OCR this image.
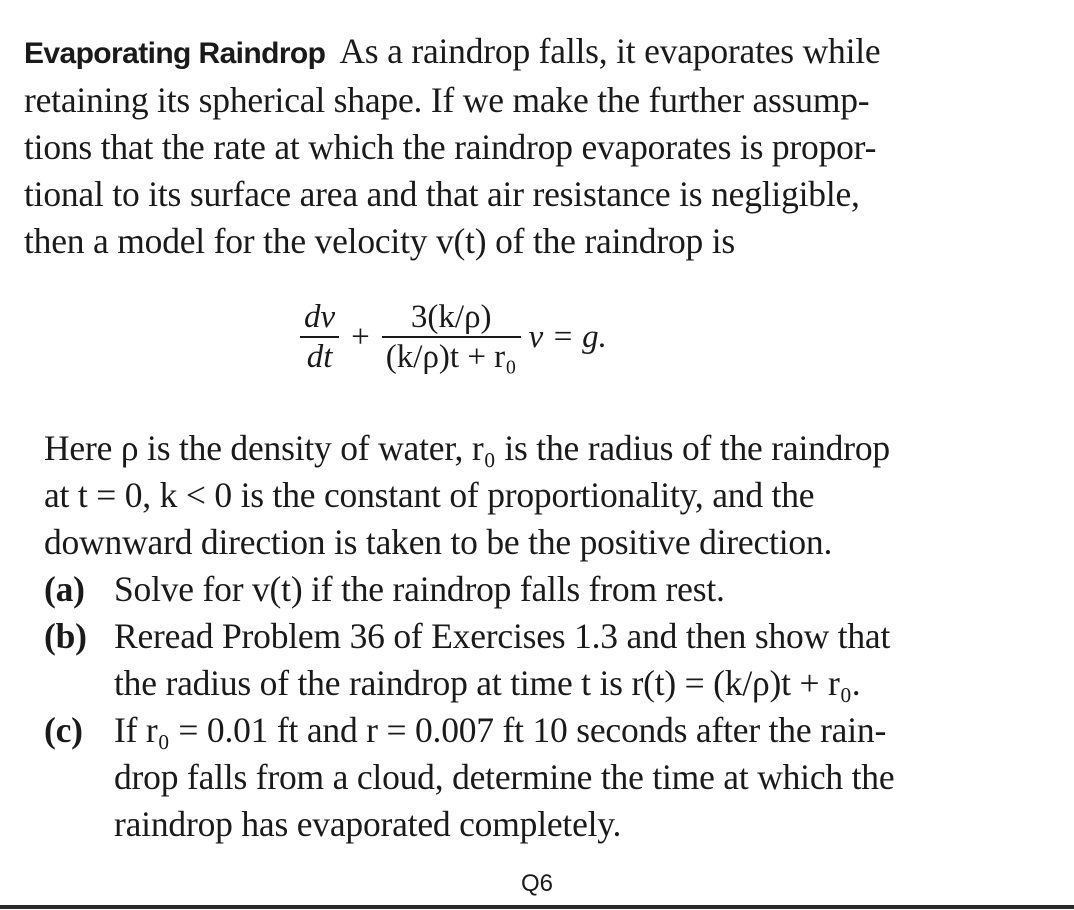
Evaporating Raindrop As a raindrop falls, it evaporates while
retaining its spherical shape. If we make the further assump-
tions that the rate at which the raindrop evaporates is propor-
tional to its surface area and that air resistance is negligible,
then a model for the velocity v(t) of the raindrop is
$\frac{dv}{dt} + \frac{3(k/\rho)}{\text{(k/ρ)t + r₀}}$ v = g.
Here ρ is the density of water, r₀ is the radius of the raindrop
at t = 0, k < 0 is the constant of proportionality, and the
downward direction is taken to be the positive direction.
(a) Solve for v(t) if the raindrop falls from rest.
(b) Reread Problem 36 of Exercises 1.3 and then show that
the radius of the raindrop at time t is r(t) = (k/ρ)t + r₀.
(c) If r₀ = 0.01 ft and r = 0.007 ft 10 seconds after the rain-
drop falls from a cloud, determine the time at which the
raindrop has evaporated completely.
Q6
